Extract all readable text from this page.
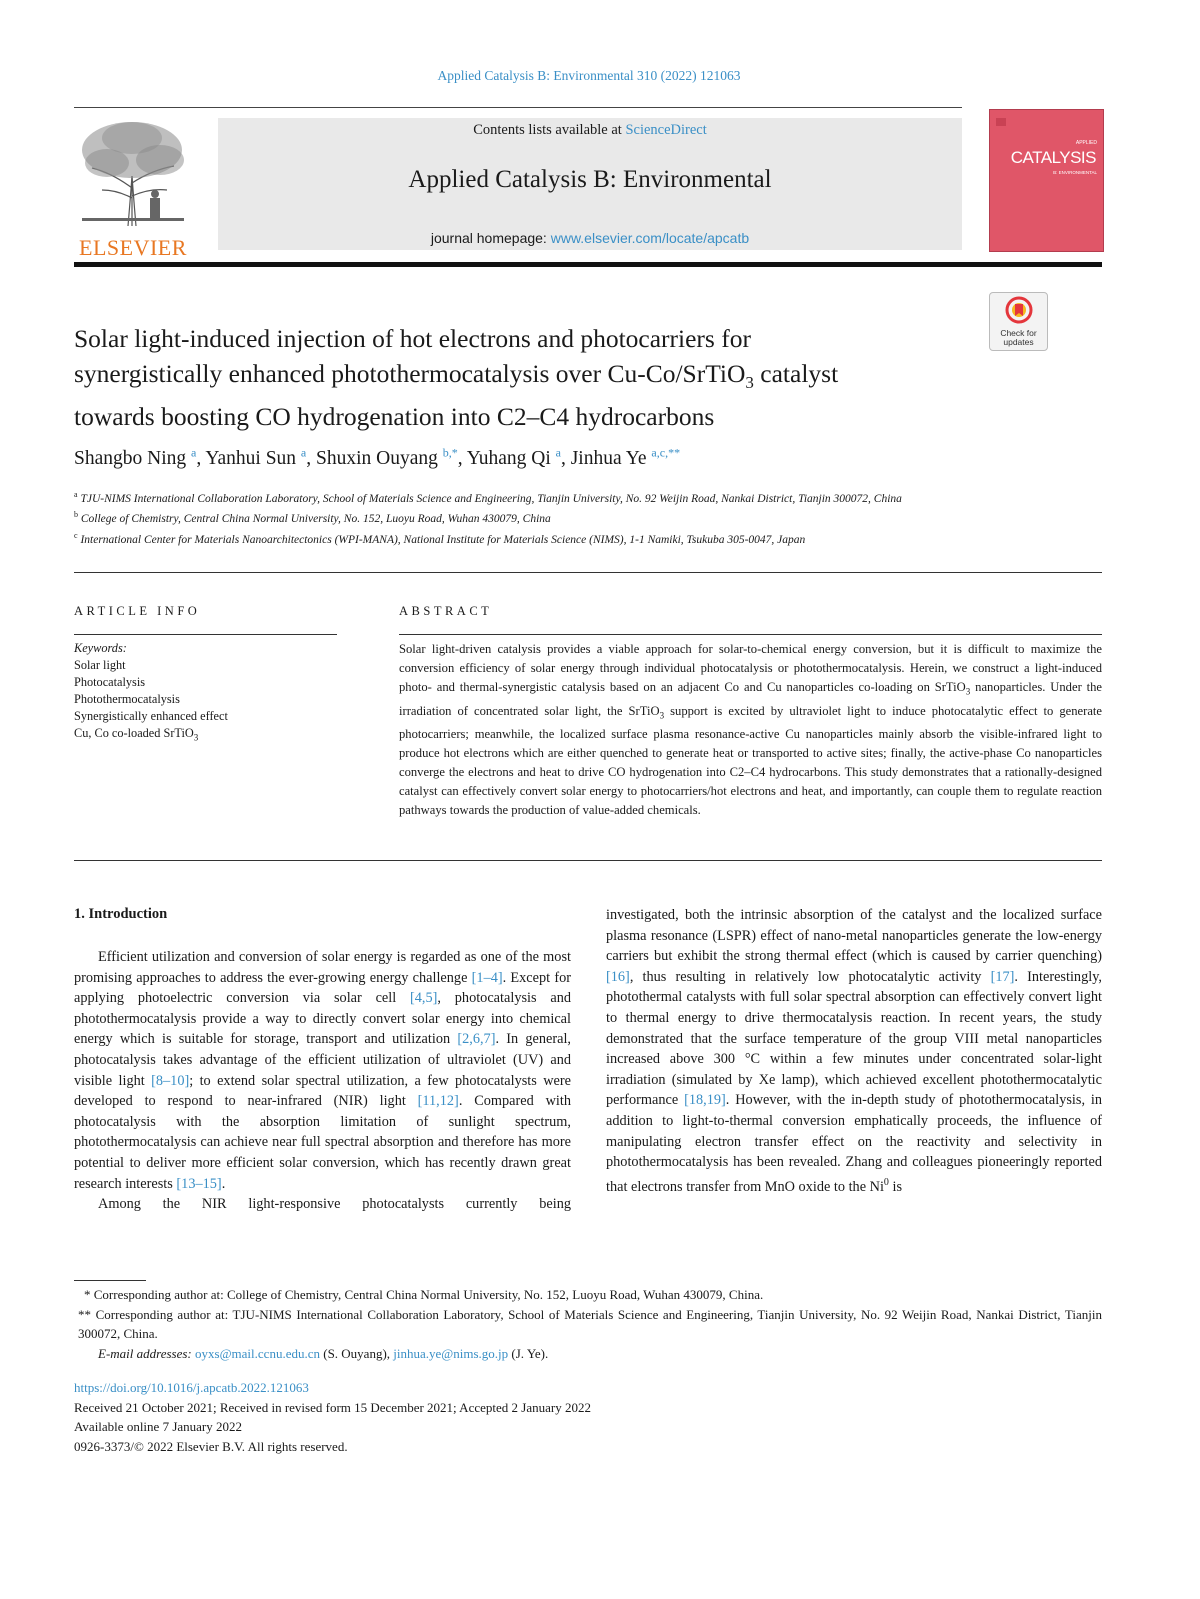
Applied Catalysis B: Environmental 310 (2022) 121063
ELSEVIER
Contents lists available at ScienceDirect
Applied Catalysis B: Environmental
journal homepage: www.elsevier.com/locate/apcatb
APPLIED
CATALYSIS
B: ENVIRONMENTAL
Check for
updates
Solar light-induced injection of hot electrons and photocarriers for
synergistically enhanced photothermocatalysis over Cu-Co/SrTiO$_3$ catalyst
towards boosting CO hydrogenation into C2–C4 hydrocarbons
Shangbo Ning $^a$, Yanhui Sun $^a$, Shuxin Ouyang $^{b,*}$, Yuhang Qi $^a$, Jinhua Ye $^{a,c,**}$
$^a$ TJU-NIMS International Collaboration Laboratory, School of Materials Science and Engineering, Tianjin University, No. 92 Weijin Road, Nankai District, Tianjin 300072, China
$^b$ College of Chemistry, Central China Normal University, No. 152, Luoyu Road, Wuhan 430079, China
$^c$ International Center for Materials Nanoarchitectonics (WPI-MANA), National Institute for Materials Science (NIMS), 1-1 Namiki, Tsukuba 305-0047, Japan
ARTICLE INFO
Keywords:
Solar light
Photocatalysis
Photothermocatalysis
Synergistically enhanced effect
Cu, Co co-loaded SrTiO$_3$
ABSTRACT
Solar light-driven catalysis provides a viable approach for solar-to-chemical energy conversion, but it is difficult to maximize the conversion efficiency of solar energy through individual photocatalysis or photothermocatalysis. Herein, we construct a light-induced photo- and thermal-synergistic catalysis based on an adjacent Co and Cu nanoparticles co-loading on SrTiO$_3$ nanoparticles. Under the irradiation of concentrated solar light, the SrTiO$_3$ support is excited by ultraviolet light to induce photocatalytic effect to generate photocarriers; meanwhile, the localized surface plasma resonance-active Cu nanoparticles mainly absorb the visible-infrared light to produce hot electrons which are either quenched to generate heat or transported to active sites; finally, the active-phase Co nanoparticles converge the electrons and heat to drive CO hydrogenation into C2–C4 hydrocarbons. This study demonstrates that a rationally-designed catalyst can effectively convert solar energy to photocarriers/hot electrons and heat, and importantly, can couple them to regulate reaction pathways towards the production of value-added chemicals.
1. Introduction

Efficient utilization and conversion of solar energy is regarded as one of the most promising approaches to address the ever-growing energy challenge [1–4]. Except for applying photoelectric conversion via solar cell [4,5], photocatalysis and photothermocatalysis provide a way to directly convert solar energy into chemical energy which is suitable for storage, transport and utilization [2,6,7]. In general, photocatalysis takes advantage of the efficient utilization of ultraviolet (UV) and visible light [8–10]; to extend solar spectral utilization, a few photocatalysts were developed to respond to near-infrared (NIR) light [11,12]. Compared with photocatalysis with the absorption limitation of sunlight spectrum, photothermocatalysis can achieve near full spectral absorption and therefore has more potential to deliver more efficient solar conversion, which has recently drawn great research interests [13–15].

Among the NIR light-responsive photocatalysts currently being

investigated, both the intrinsic absorption of the catalyst and the localized surface plasma resonance (LSPR) effect of nano-metal nanoparticles generate the low-energy carriers but exhibit the strong thermal effect (which is caused by carrier quenching) [16], thus resulting in relatively low photocatalytic activity [17]. Interestingly, photothermal catalysts with full solar spectral absorption can effectively convert light to thermal energy to drive thermocatalysis reaction. In recent years, the study demonstrated that the surface temperature of the group VIII metal nanoparticles increased above 300 °C within a few minutes under concentrated solar-light irradiation (simulated by Xe lamp), which achieved excellent photothermocatalytic performance [18,19]. However, with the in-depth study of photothermocatalysis, in addition to light-to-thermal conversion emphatically proceeds, the influence of manipulating electron transfer effect on the reactivity and selectivity in photothermocatalysis has been revealed. Zhang and colleagues pioneeringly reported that electrons transfer from MnO oxide to the Ni$^0$ is

* Corresponding author at: College of Chemistry, Central China Normal University, No. 152, Luoyu Road, Wuhan 430079, China.

** Corresponding author at: TJU-NIMS International Collaboration Laboratory, School of Materials Science and Engineering, Tianjin University, No. 92 Weijin Road, Nankai District, Tianjin 300072, China.

E-mail addresses: oyxs@mail.ccnu.edu.cn (S. Ouyang), jinhua.ye@nims.go.jp (J. Ye).

https://doi.org/10.1016/j.apcatb.2022.121063
Received 21 October 2021; Received in revised form 15 December 2021; Accepted 2 January 2022
Available online 7 January 2022
0926-3373/© 2022 Elsevier B.V. All rights reserved.
